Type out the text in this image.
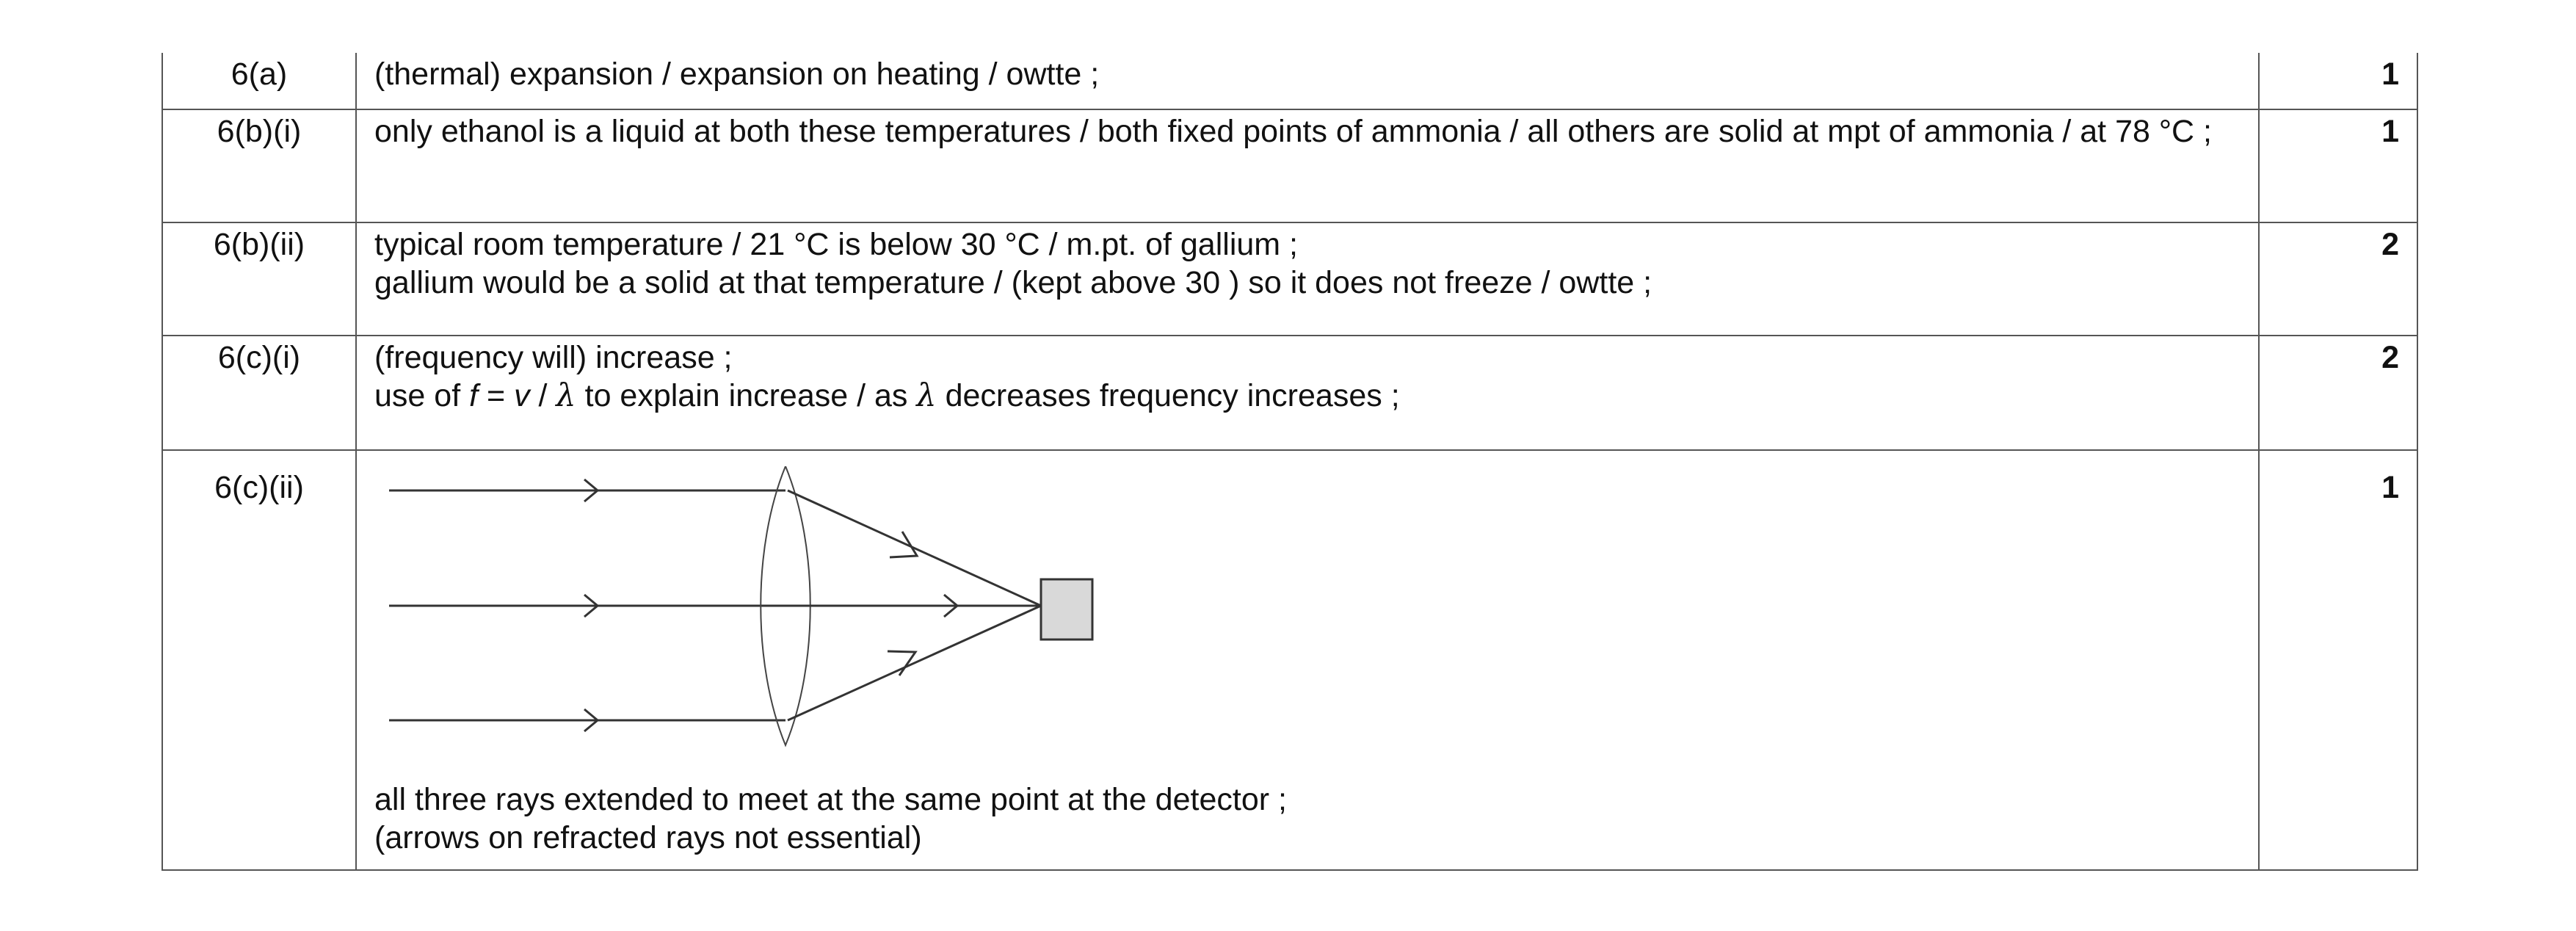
6(a)	(thermal) expansion / expansion on heating / owtte ;	1
6(b)(i)	only ethanol is a liquid at both these temperatures / both fixed points of ammonia / all others are solid at mpt of ammonia / at 78 °C ;	1
6(b)(ii)	typical room temperature / 21 °C is below 30 °C / m.pt. of gallium ;
gallium would be a solid at that temperature / (kept above 30 ) so it does not freeze / owtte ;	2
6(c)(i)	(frequency will) increase ;
use of f = v / λ to explain increase / as λ decreases frequency increases ;	2
6(c)(ii)	all three rays extended to meet at the same point at the detector ;
(arrows on refracted rays not essential)	1
